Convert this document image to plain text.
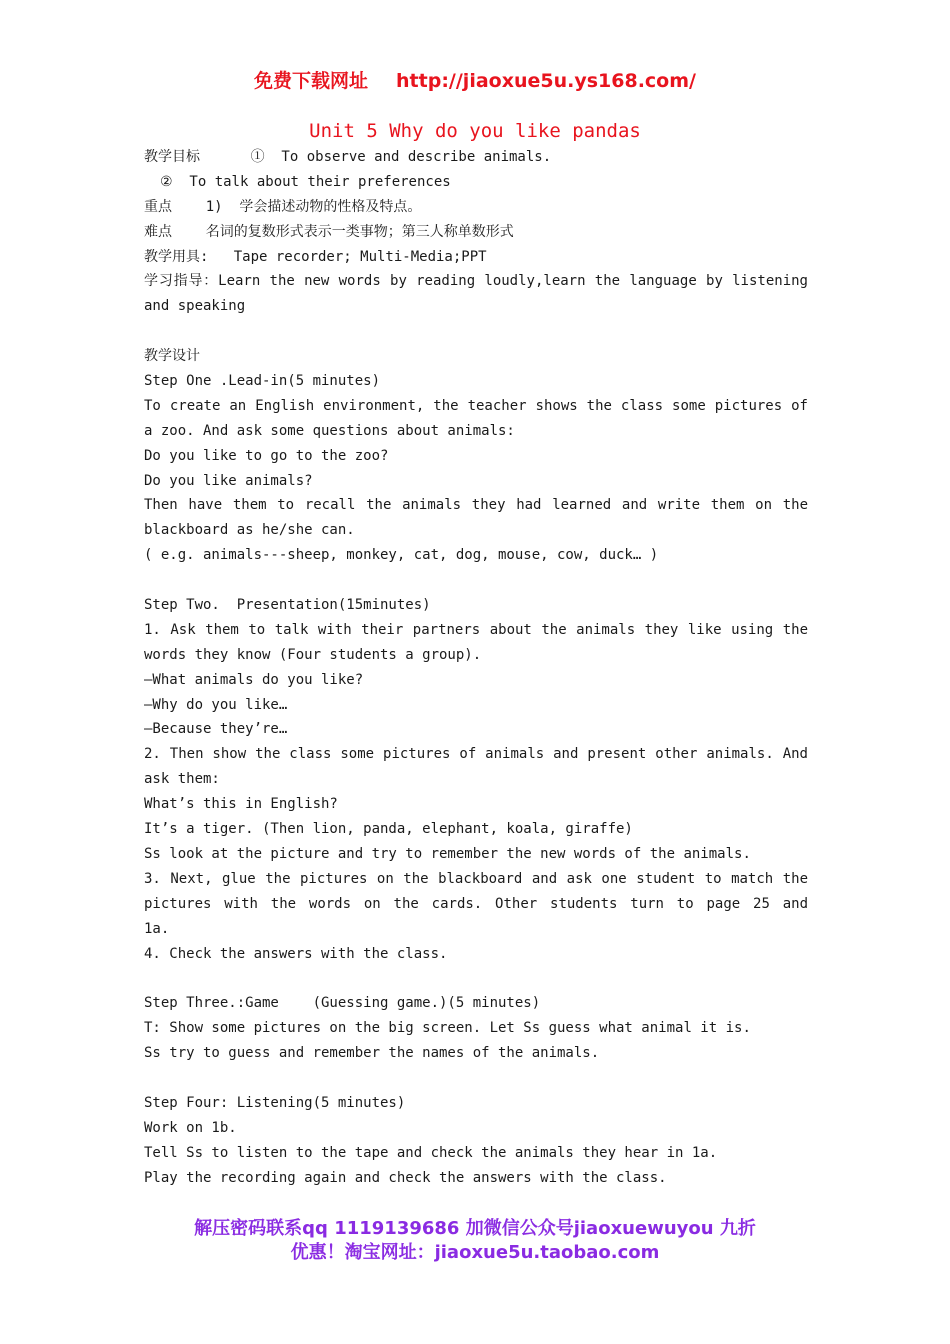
免费下载网址 http://jiaoxue5u.ys168.com/
Unit 5 Why do you like pandas
教学目标      ①  To observe and describe animals.
②  To talk about their preferences
重点    1)  学会描述动物的性格及特点。
难点    名词的复数形式表示一类事物；第三人称单数形式
教学用具:   Tape recorder; Multi-Media;PPT
学习指导：Learn the new words by reading loudly,learn the language by listening
and speaking
教学设计
Step One .Lead-in(5 minutes)
To create an English environment, the teacher shows the class some pictures of
a zoo. And ask some questions about animals:
Do you like to go to the zoo?
Do you like animals?
Then have them to recall the animals they had learned and write them on the
blackboard as he/she can.
( e.g. animals---sheep, monkey, cat, dog, mouse, cow, duck… )
Step Two.  Presentation(15minutes)
1. Ask them to talk with their partners about the animals they like using the
words they know (Four students a group).
—What animals do you like?
—Why do you like…
—Because they’re…
2. Then show the class some pictures of animals and present other animals. And
ask them:
What’s this in English?
It’s a tiger. (Then lion, panda, elephant, koala, giraffe)
Ss look at the picture and try to remember the new words of the animals.
3. Next, glue the pictures on the blackboard and ask one student to match the
pictures with the words on the cards. Other students turn to page 25 and
1a.
4. Check the answers with the class.
Step Three.:Game    (Guessing game.)(5 minutes)
T: Show some pictures on the big screen. Let Ss guess what animal it is.
Ss try to guess and remember the names of the animals.
Step Four: Listening(5 minutes)
Work on 1b.
Tell Ss to listen to the tape and check the animals they hear in 1a.
Play the recording again and check the answers with the class.
解压密码联系qq 1119139686 加微信公众号jiaoxuewuyou 九折
优惠！淘宝网址：jiaoxue5u.taobao.com
